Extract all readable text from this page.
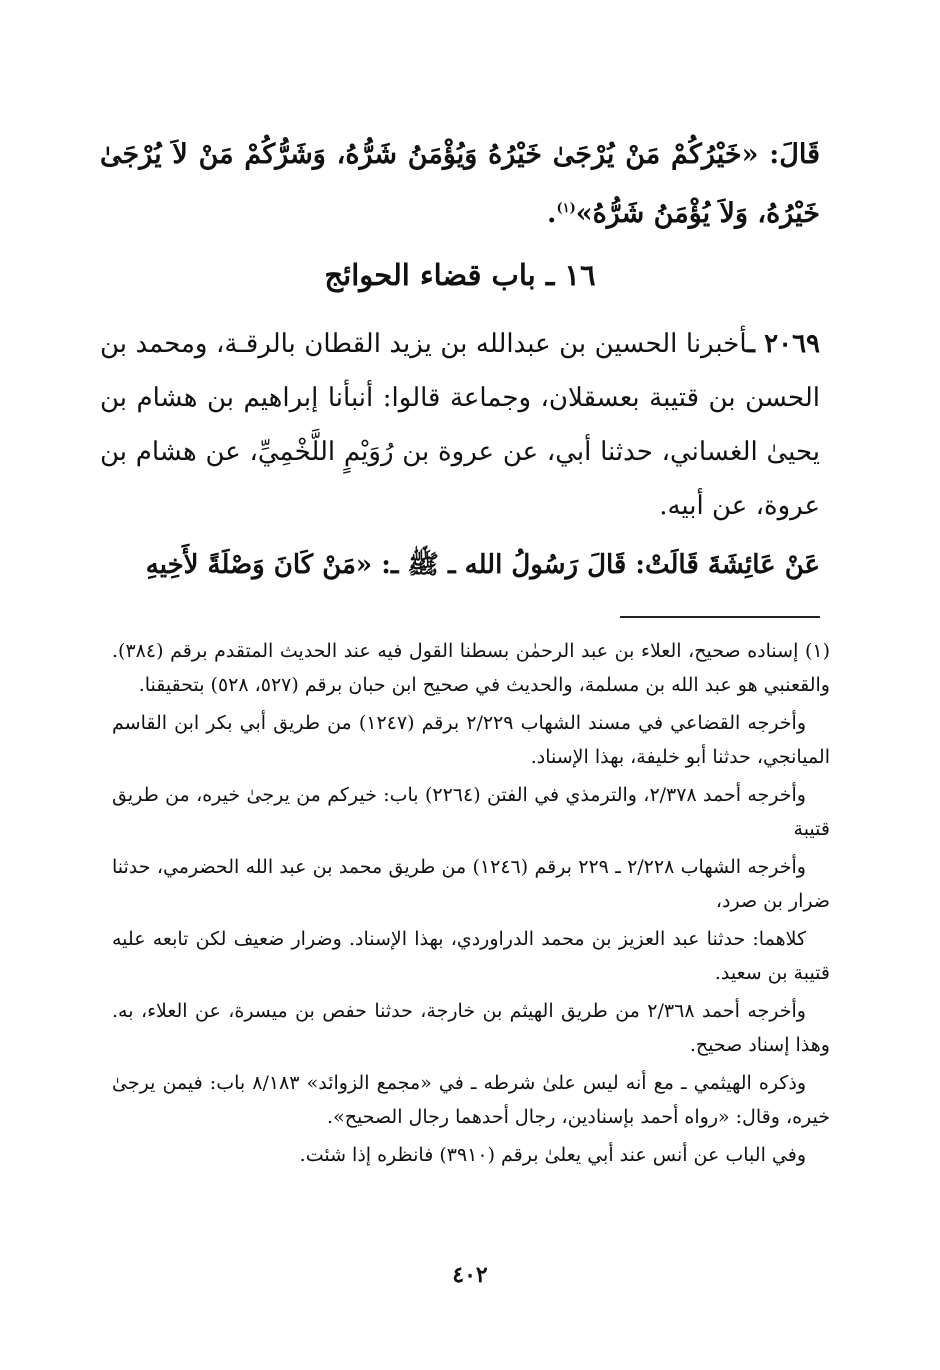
قَالَ: «خَيْرُكُمْ مَنْ يُرْجَىٰ خَيْرُهُ وَيُؤْمَنُ شَرُّهُ، وَشَرُّكُمْ مَنْ لاَ يُرْجَىٰ خَيْرُهُ، وَلاَ يُؤْمَنُ شَرُّهُ»$^{(١)}$.
١٦ ـ باب قضاء الحوائج
٢٠٦٩ ـأخبرنا الحسين بن عبدالله بن يزيد القطان بالرقـة، ومحمد بن الحسن بن قتيبة بعسقلان، وجماعة قالوا: أنبأنا إبراهيم بن هشام بن يحيىٰ الغساني، حدثنا أبي، عن عروة بن رُوَيْمٍ اللَّخْمِيِّ، عن هشام بن عروة، عن أبيه.
عَنْ عَائِشَةَ قَالَتْ: قَالَ رَسُولُ الله ـ ﷺ ـ: «مَنْ كَانَ وَصْلَةً لأَخِيهِ

(١) إسناده صحيح، العلاء بن عبد الرحمٰن بسطنا القول فيه عند الحديث المتقدم برقم (٣٨٤). والقعنبي هو عبد الله بن مسلمة، والحديث في صحيح ابن حبان برقم (٥٢٧، ٥٢٨) بتحقيقنا.

وأخرجه القضاعي في مسند الشهاب ٢/٢٢٩ برقم (١٢٤٧) من طريق أبي بكر ابن القاسم الميانجي، حدثنا أبو خليفة، بهذا الإسناد.

وأخرجه أحمد ٢/٣٧٨، والترمذي في الفتن (٢٢٦٤) باب: خيركم من يرجىٰ خيره، من طريق قتيبة

وأخرجه الشهاب ٢/٢٢٨ ـ ٢٢٩ برقم (١٢٤٦) من طريق محمد بن عبد الله الحضرمي، حدثنا ضرار بن صرد،

كلاهما: حدثنا عبد العزيز بن محمد الدراوردي، بهذا الإسناد. وضرار ضعيف لكن تابعه عليه قتيبة بن سعيد.

وأخرجه أحمد ٢/٣٦٨ من طريق الهيثم بن خارجة، حدثنا حفص بن ميسرة، عن العلاء، به. وهذا إسناد صحيح.

وذكره الهيثمي ـ مع أنه ليس علىٰ شرطه ـ في «مجمع الزوائد» ٨/١٨٣ باب: فيمن يرجىٰ خيره، وقال: «رواه أحمد بإسنادين، رجال أحدهما رجال الصحيح».

وفي الباب عن أنس عند أبي يعلىٰ برقم (٣٩١٠) فانظره إذا شئت.

٤٠٢
